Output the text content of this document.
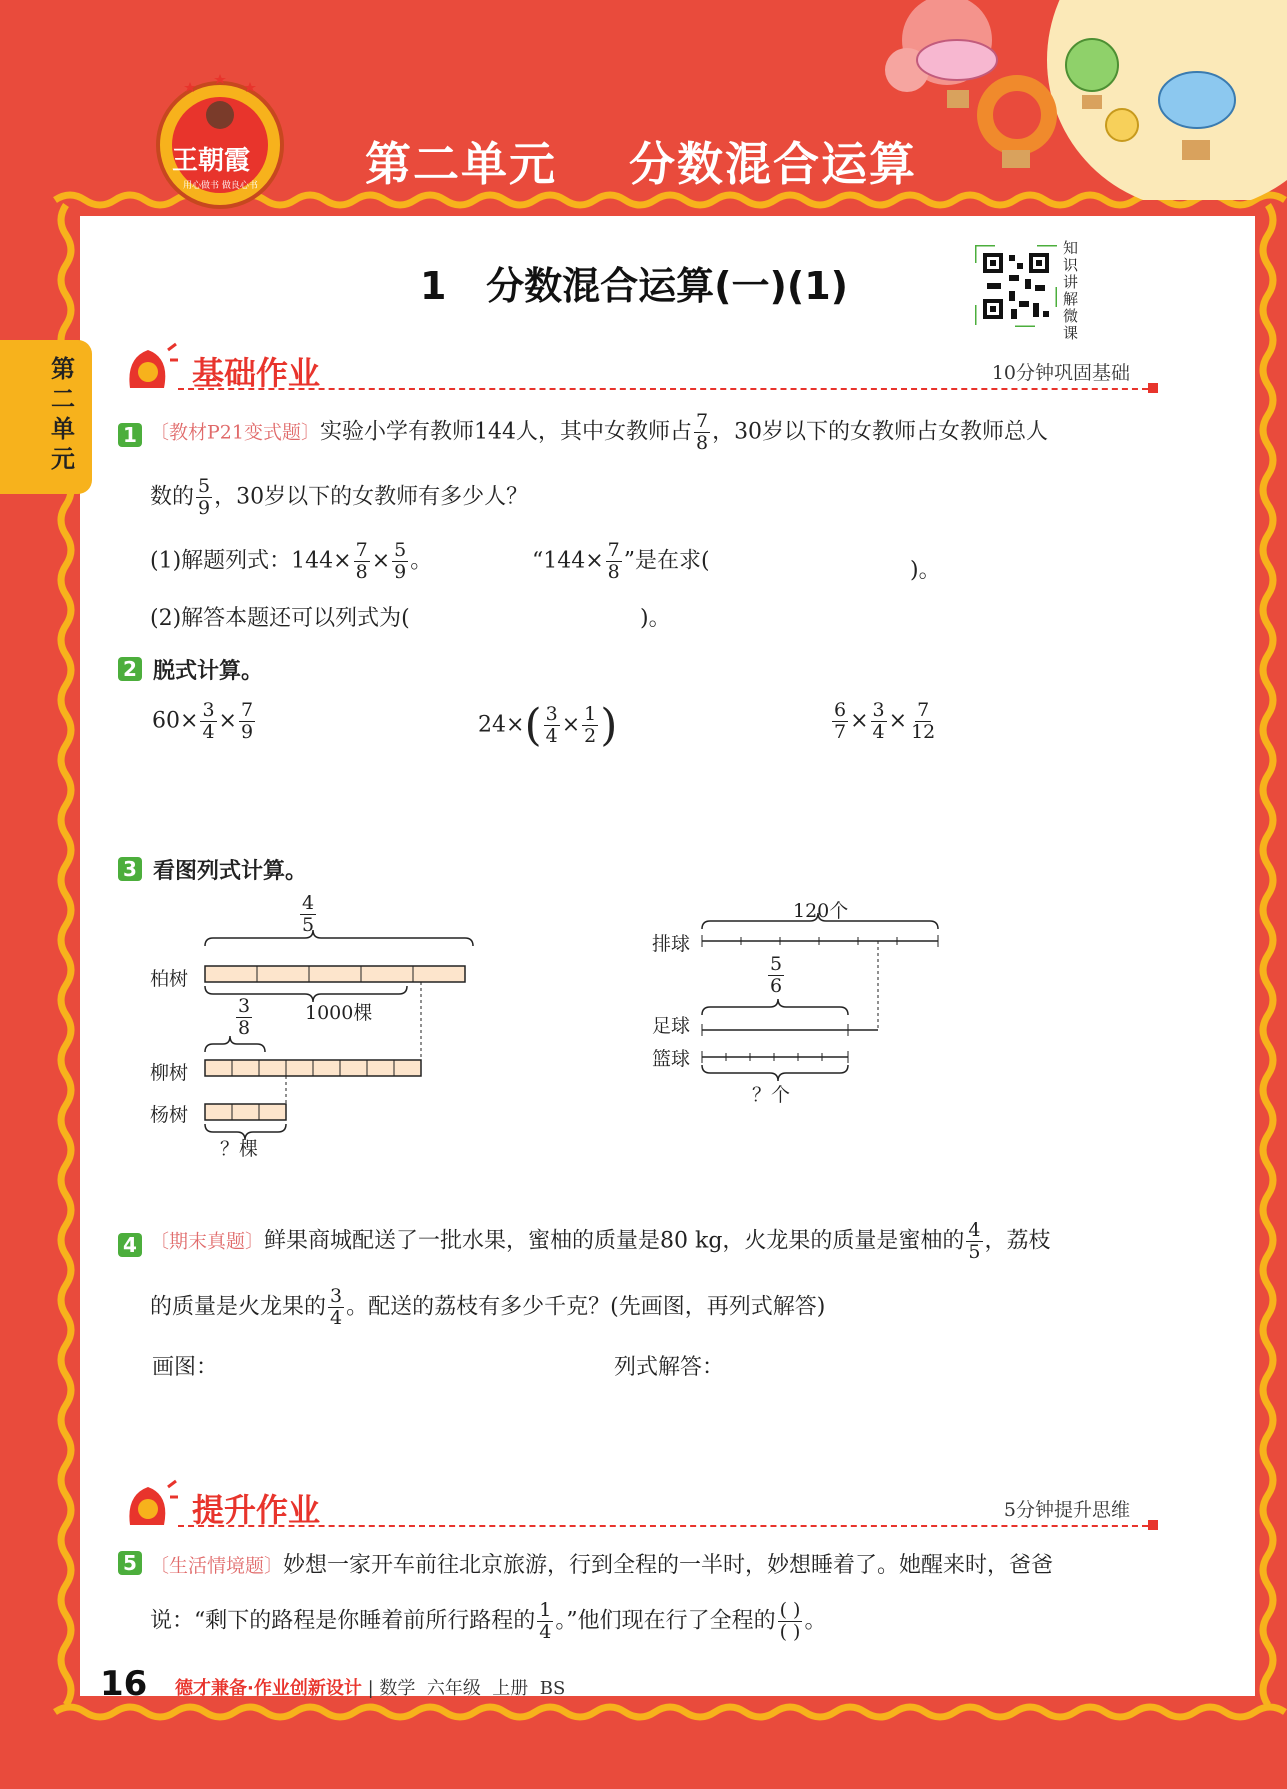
王朝霞
用心做书 做良心书 第二单元    分数混合运算
第二单元
1   分数混合运算(一)(1)
知识讲解微课
基础作业	10分钟巩固基础
1 〔教材P21变式题〕实验小学有教师144人，其中女教师占 $\frac{7}{8}$ ，30岁以下的女教师占女教师总人
数的 $\frac{5}{9}$ ，30岁以下的女教师有多少人？
(1)解题列式：$144\times \frac{7}{8} \times \frac{5}{9}$ 。	“$144\times \frac{7}{8}$ ”是在求(	)。
(2)解答本题还可以列式为(	)。
2 脱式计算。
$60\times \frac{3}{4} \times \frac{7}{9}$	$24\times( \frac{3}{4} \times \frac{1}{2}$ )	$\frac{6}{7} \times \frac{3}{4} \times \frac{7}{12}$
3 看图列式计算。
$\frac{4}{5}$
柏树
1000棵
$\frac{3}{8}$
柳树
杨树
？棵
120个
排球
$\frac{5}{6}$
足球
篮球
？个
4 〔期末真题〕鲜果商城配送了一批水果，蜜柚的质量是80 kg，火龙果的质量是蜜柚的 $\frac{4}{5}$ ，荔枝
的质量是火龙果的 $\frac{3}{4}$ 。配送的荔枝有多少千克？(先画图，再列式解答)
画图：	列式解答：
提升作业	5分钟提升思维
5 〔生活情境题〕妙想一家开车前往北京旅游，行到全程的一半时，妙想睡着了。她醒来时，爸爸
说：“剩下的路程是你睡着前所行路程的 $\frac{1}{4}$ 。”他们现在行了全程的 $\frac{( )}{( )}$ 。
16 德才兼备·作业创新设计 | 数学  六年级  上册  BS
